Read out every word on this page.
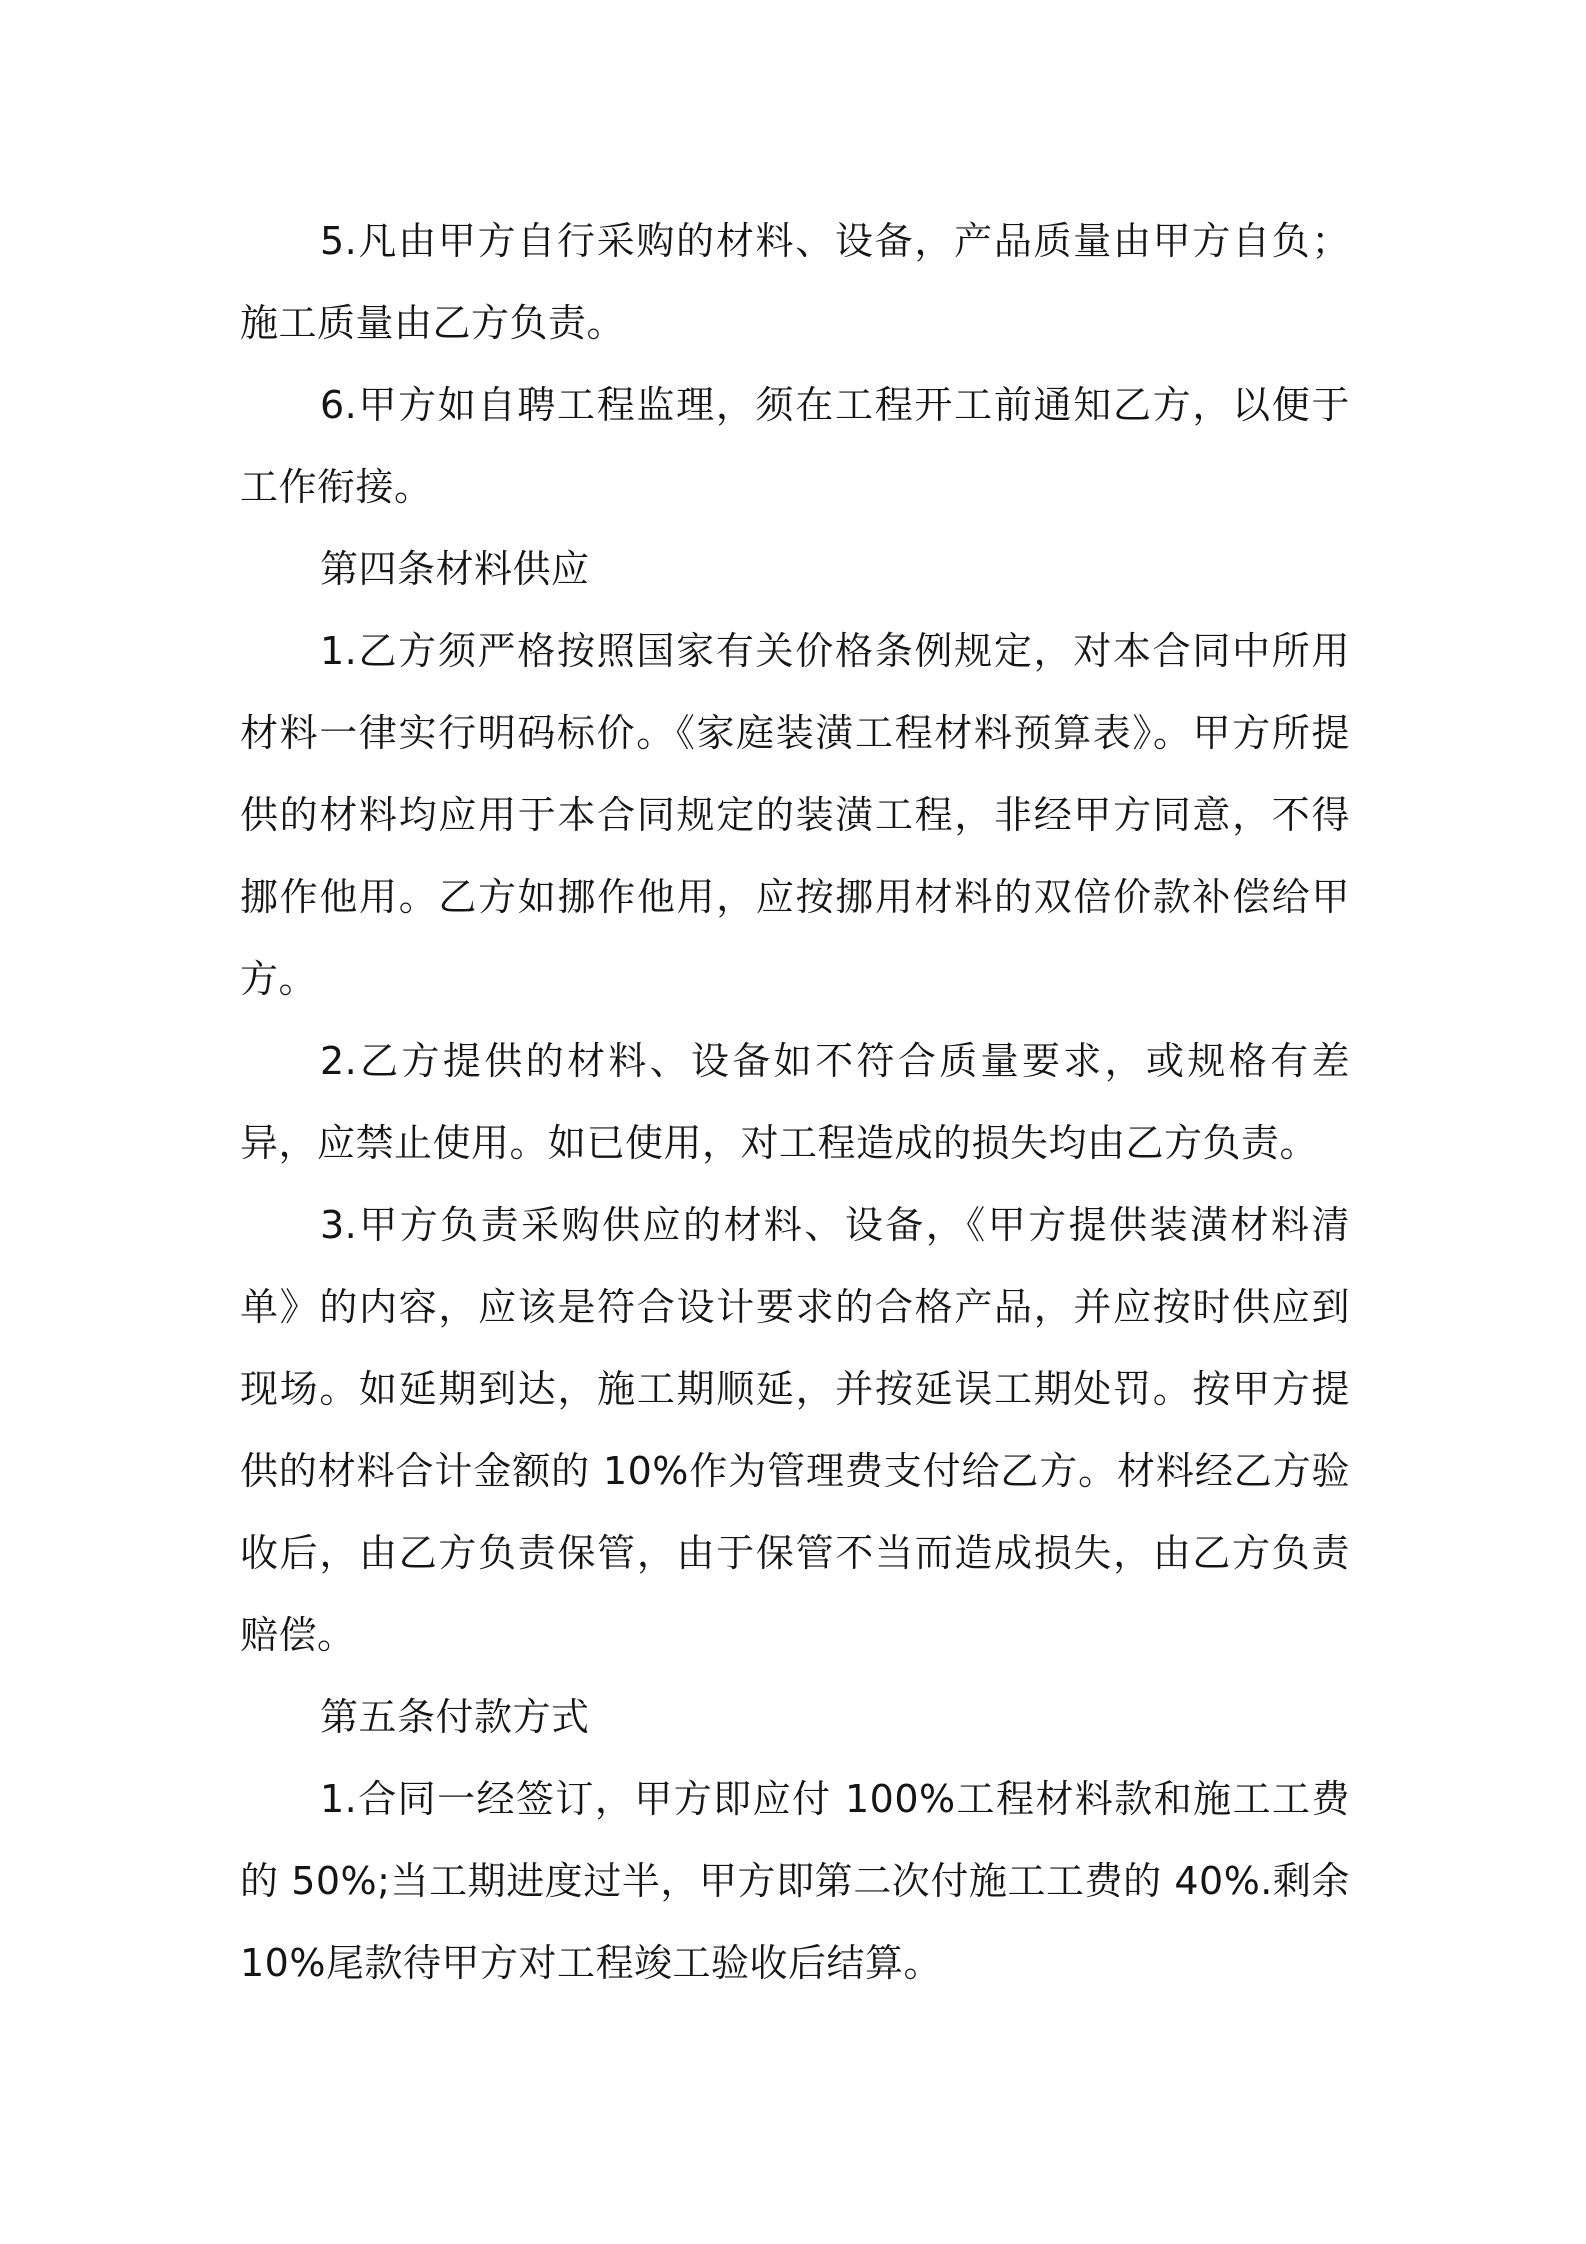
5.凡由甲方自行采购的材料、设备，产品质量由甲方自负；施工质量由乙方负责。

6.甲方如自聘工程监理，须在工程开工前通知乙方，以便于工作衔接。

第四条材料供应

1.乙方须严格按照国家有关价格条例规定，对本合同中所用材料一律实行明码标价。《家庭装潢工程材料预算表》。甲方所提供的材料均应用于本合同规定的装潢工程，非经甲方同意，不得挪作他用。乙方如挪作他用，应按挪用材料的双倍价款补偿给甲方。

2.乙方提供的材料、设备如不符合质量要求，或规格有差异，应禁止使用。如已使用，对工程造成的损失均由乙方负责。

3.甲方负责采购供应的材料、设备，《甲方提供装潢材料清单》的内容，应该是符合设计要求的合格产品，并应按时供应到现场。如延期到达，施工期顺延，并按延误工期处罚。按甲方提供的材料合计金额的 10%作为管理费支付给乙方。材料经乙方验收后，由乙方负责保管，由于保管不当而造成损失，由乙方负责赔偿。

第五条付款方式

1.合同一经签订，甲方即应付 100%工程材料款和施工工费的 50%;当工期进度过半，甲方即第二次付施工工费的 40%.剩余 10%尾款待甲方对工程竣工验收后结算。
